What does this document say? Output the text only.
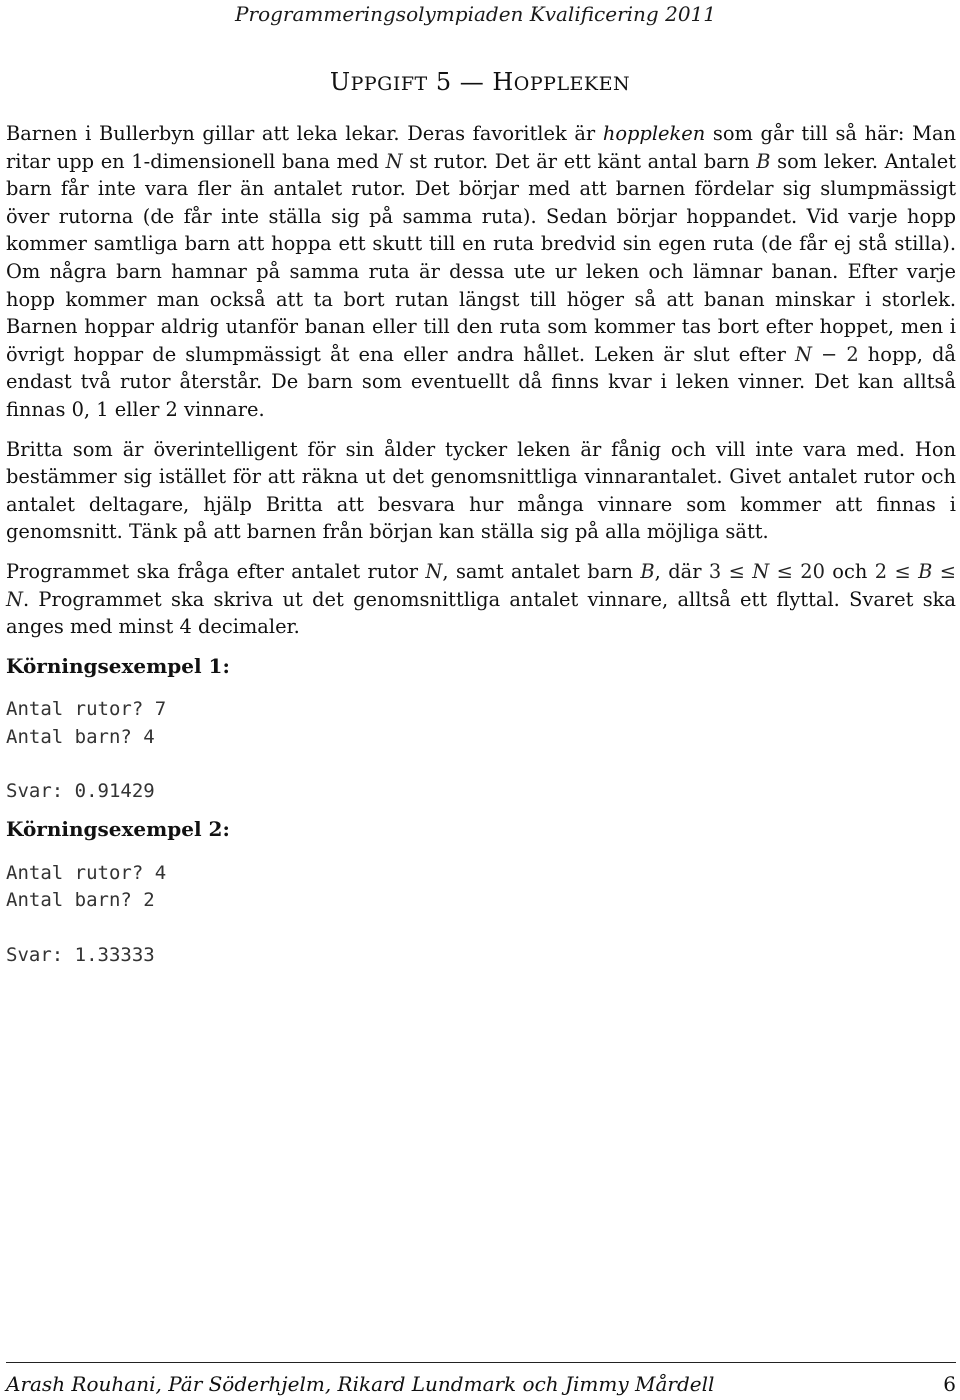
Programmeringsolympiaden Kvalificering 2011
UPPGIFT 5 — HOPPLEKEN

Barnen i Bullerbyn gillar att leka lekar. Deras favoritlek är hoppleken som går till så här: Man ritar upp en 1-dimensionell bana med N st rutor. Det är ett känt antal barn B som leker. Antalet barn får inte vara fler än antalet rutor. Det börjar med att barnen fördelar sig slumpmässigt över rutorna (de får inte ställa sig på samma ruta). Sedan börjar hoppandet. Vid varje hopp kommer samtliga barn att hoppa ett skutt till en ruta bredvid sin egen ruta (de får ej stå stilla). Om några barn hamnar på samma ruta är dessa ute ur leken och lämnar banan. Efter varje hopp kommer man också att ta bort rutan längst till höger så att banan minskar i storlek. Barnen hoppar aldrig utanför banan eller till den ruta som kommer tas bort efter hoppet, men i övrigt hoppar de slumpmässigt åt ena eller andra hållet. Leken är slut efter N − 2 hopp, då endast två rutor återstår. De barn som eventuellt då finns kvar i leken vinner. Det kan alltså finnas 0, 1 eller 2 vinnare.

Britta som är överintelligent för sin ålder tycker leken är fånig och vill inte vara med. Hon bestämmer sig istället för att räkna ut det genomsnittliga vinnarantalet. Givet antalet rutor och antalet deltagare, hjälp Britta att besvara hur många vinnare som kommer att finnas i genomsnitt. Tänk på att barnen från början kan ställa sig på alla möjliga sätt.

Programmet ska fråga efter antalet rutor N, samt antalet barn B, där 3 ≤ N ≤ 20 och 2 ≤ B ≤ N. Programmet ska skriva ut det genomsnittliga antalet vinnare, alltså ett flyttal. Svaret ska anges med minst 4 decimaler.

Körningsexempel 1:
Antal rutor? 7
Antal barn? 4
Svar: 0.91429
Körningsexempel 2:
Antal rutor? 4
Antal barn? 2
Svar: 1.33333
Arash Rouhani, Pär Söderhjelm, Rikard Lundmark och Jimmy Mårdell	6
